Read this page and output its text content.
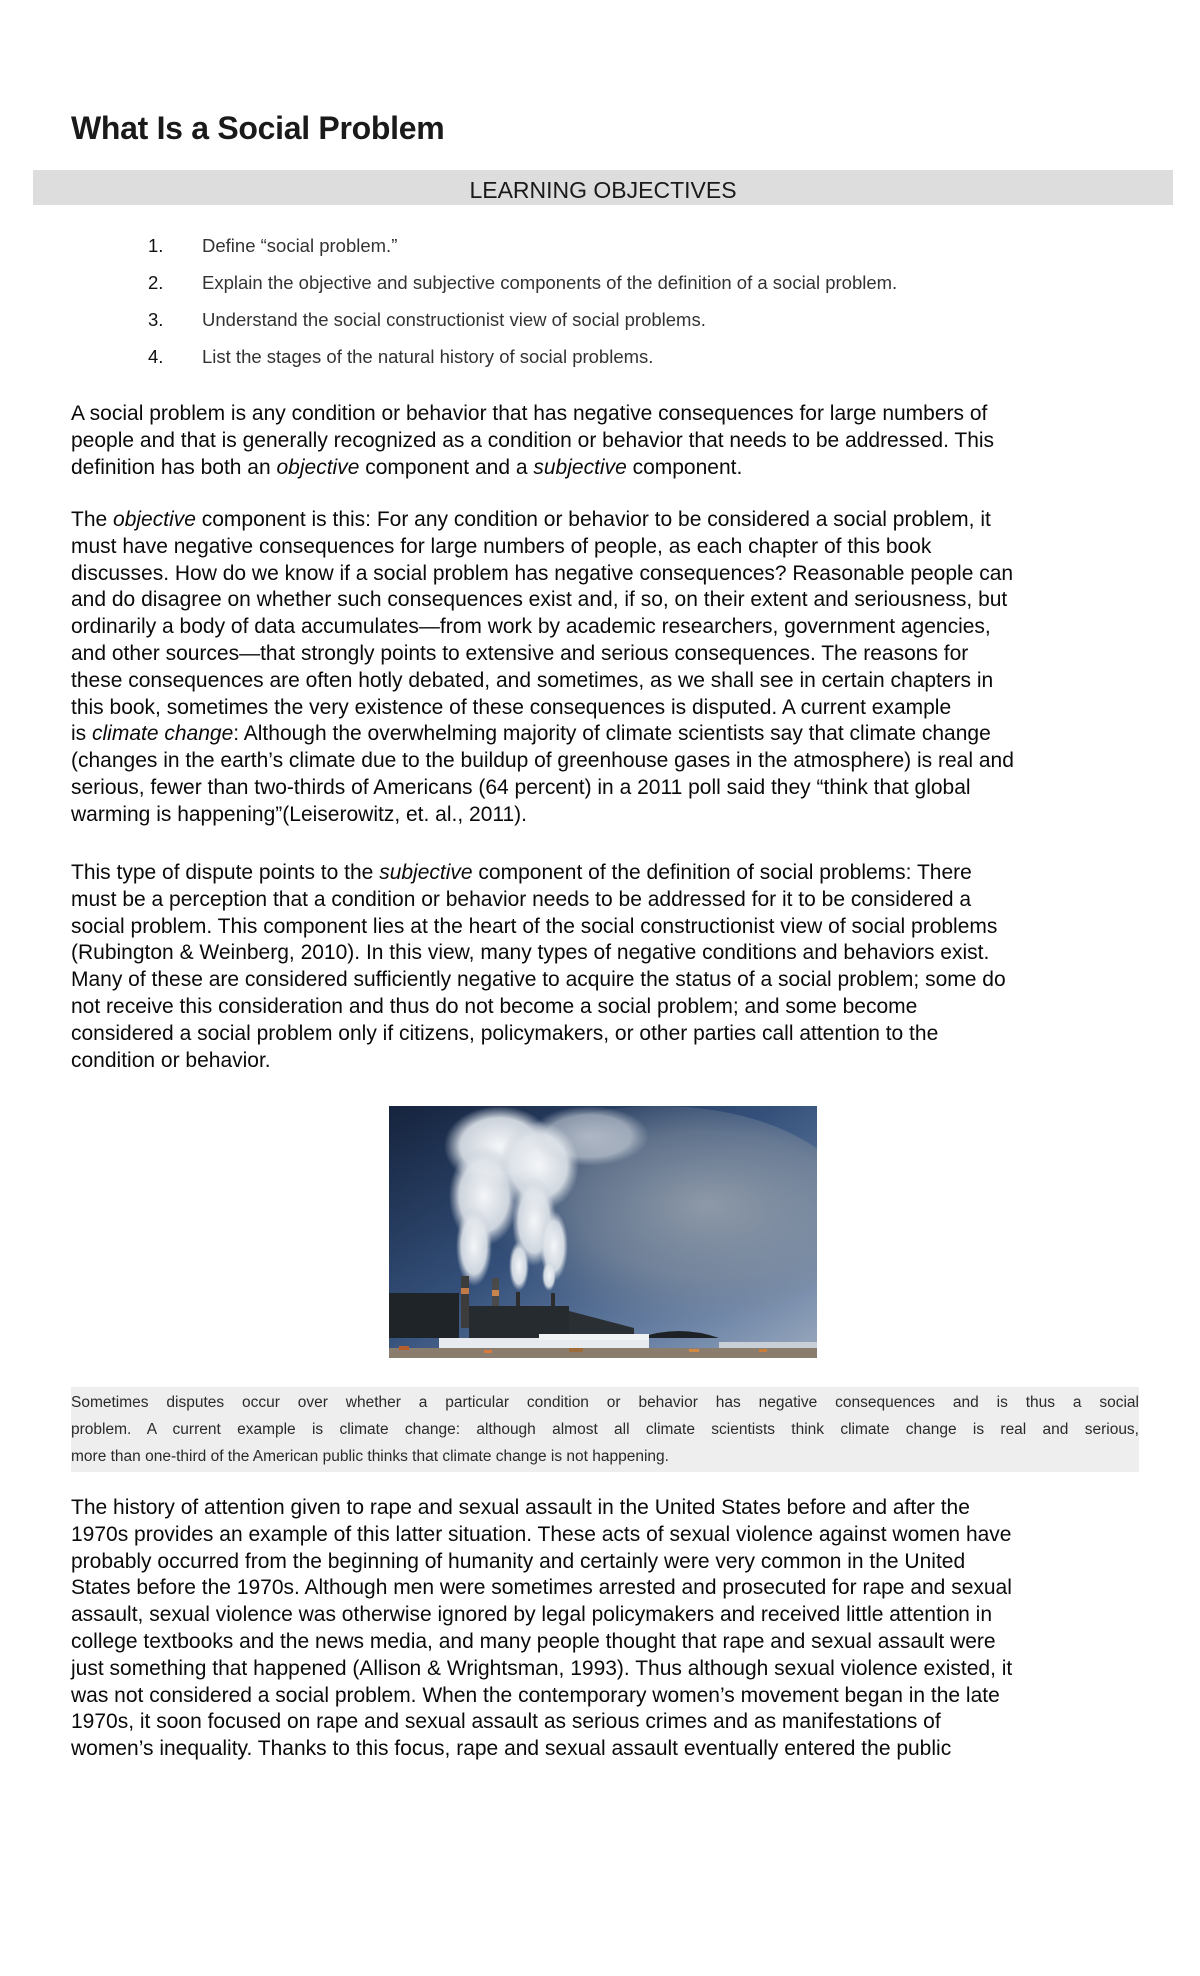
What Is a Social Problem
LEARNING OBJECTIVES
1. Define “social problem.”
2. Explain the objective and subjective components of the definition of a social problem.
3. Understand the social constructionist view of social problems.
4. List the stages of the natural history of social problems.

A social problem is any condition or behavior that has negative consequences for large numbers of
people and that is generally recognized as a condition or behavior that needs to be addressed. This
definition has both an objective component and a subjective component.

The objective component is this: For any condition or behavior to be considered a social problem, it
must have negative consequences for large numbers of people, as each chapter of this book
discusses. How do we know if a social problem has negative consequences? Reasonable people can
and do disagree on whether such consequences exist and, if so, on their extent and seriousness, but
ordinarily a body of data accumulates—from work by academic researchers, government agencies,
and other sources—that strongly points to extensive and serious consequences. The reasons for
these consequences are often hotly debated, and sometimes, as we shall see in certain chapters in
this book, sometimes the very existence of these consequences is disputed. A current example
is climate change: Although the overwhelming majority of climate scientists say that climate change
(changes in the earth’s climate due to the buildup of greenhouse gases in the atmosphere) is real and
serious, fewer than two-thirds of Americans (64 percent) in a 2011 poll said they “think that global
warming is happening”(Leiserowitz, et. al., 2011).

This type of dispute points to the subjective component of the definition of social problems: There
must be a perception that a condition or behavior needs to be addressed for it to be considered a
social problem. This component lies at the heart of the social constructionist view of social problems
(Rubington & Weinberg, 2010). In this view, many types of negative conditions and behaviors exist.
Many of these are considered sufficiently negative to acquire the status of a social problem; some do
not receive this consideration and thus do not become a social problem; and some become
considered a social problem only if citizens, policymakers, or other parties call attention to the
condition or behavior.

Sometimes disputes occur over whether a particular condition or behavior has negative consequences and is thus a social
problem. A current example is climate change: although almost all climate scientists think climate change is real and serious,
more than one-third of the American public thinks that climate change is not happening.

The history of attention given to rape and sexual assault in the United States before and after the
1970s provides an example of this latter situation. These acts of sexual violence against women have
probably occurred from the beginning of humanity and certainly were very common in the United
States before the 1970s. Although men were sometimes arrested and prosecuted for rape and sexual
assault, sexual violence was otherwise ignored by legal policymakers and received little attention in
college textbooks and the news media, and many people thought that rape and sexual assault were
just something that happened (Allison & Wrightsman, 1993). Thus although sexual violence existed, it
was not considered a social problem. When the contemporary women’s movement began in the late
1970s, it soon focused on rape and sexual assault as serious crimes and as manifestations of
women’s inequality. Thanks to this focus, rape and sexual assault eventually entered the public
